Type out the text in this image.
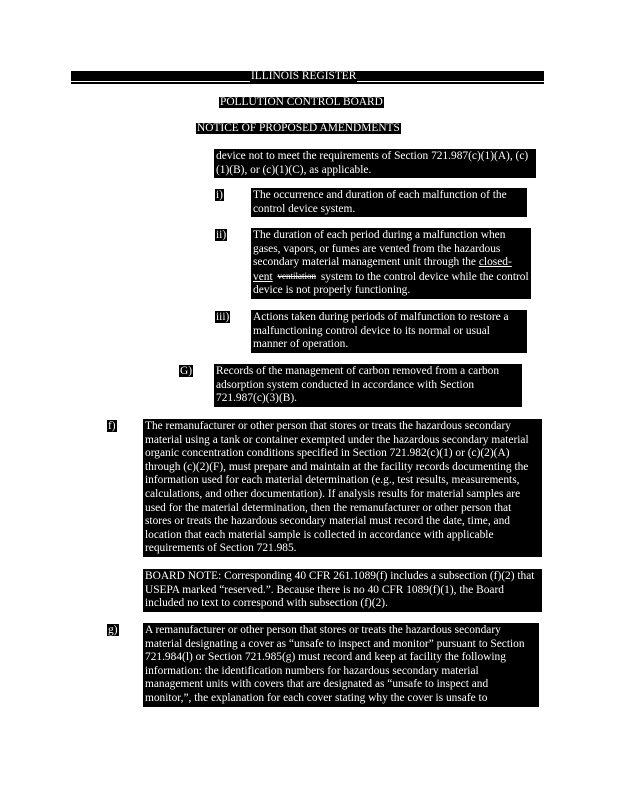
ILLINOIS REGISTER
POLLUTION CONTROL BOARD
NOTICE OF PROPOSED AMENDMENTS

device not to meet the requirements of Section 721.987(c)(1)(A), (c)(1)(B), or (c)(1)(C), as applicable.

i)	The occurrence and duration of each malfunction of the control device system.

ii) The duration of each period during a malfunction when gases, vapors, or fumes are vented from the hazardous secondary material management unit through the closed-vent ventilation system to the control device while the control device is not properly functioning.

iii) Actions taken during periods of malfunction to restore a malfunctioning control device to its normal or usual manner of operation.

G) Records of the management of carbon removed from a carbon adsorption system conducted in accordance with Section 721.987(c)(3)(B).

f)	The remanufacturer or other person that stores or treats the hazardous secondary material using a tank or container exempted under the hazardous secondary material organic concentration conditions specified in Section 721.982(c)(1) or (c)(2)(A) through (c)(2)(F), must prepare and maintain at the facility records documenting the information used for each material determination (e.g., test results, measurements, calculations, and other documentation). If analysis results for material samples are used for the material determination, then the remanufacturer or other person that stores or treats the hazardous secondary material must record the date, time, and location that each material sample is collected in accordance with applicable requirements of Section 721.985.

BOARD NOTE: Corresponding 40 CFR 261.1089(f) includes a subsection (f)(2) that USEPA marked “reserved.”. Because there is no 40 CFR 1089(f)(1), the Board included no text to correspond with subsection (f)(2).

g) A remanufacturer or other person that stores or treats the hazardous secondary material designating a cover as “unsafe to inspect and monitor” pursuant to Section 721.984(l) or Section 721.985(g) must record and keep at facility the following information: the identification numbers for hazardous secondary material management units with covers that are designated as “unsafe to inspect and monitor,”, the explanation for each cover stating why the cover is unsafe to
